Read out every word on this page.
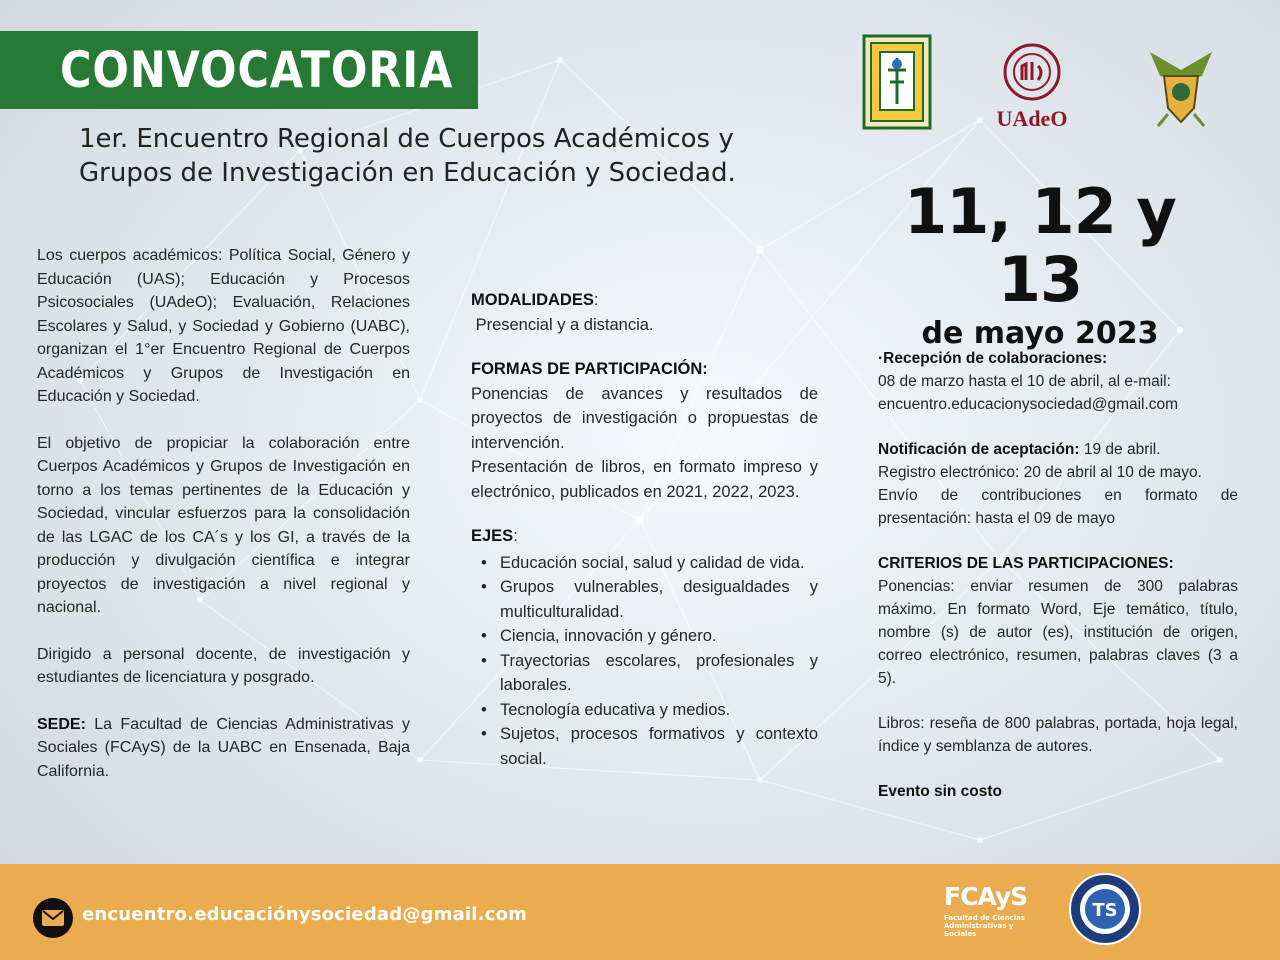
CONVOCATORIA
1er. Encuentro Regional de Cuerpos Académicos y
Grupos de Investigación en Educación y Sociedad.
UAdeO
11, 12 y 13
de mayo 2023

Los cuerpos académicos: Política Social, Género y Educación (UAS); Educación y Procesos Psicosociales (UAdeO); Evaluación, Relaciones Escolares y Salud, y Sociedad y Gobierno (UABC), organizan el 1°er Encuentro Regional de Cuerpos Académicos y Grupos de Investigación en Educación y Sociedad.

El objetivo de propiciar la colaboración entre Cuerpos Académicos y Grupos de Investigación en torno a los temas pertinentes de la Educación y Sociedad, vincular esfuerzos para la consolidación de las LGAC de los CA´s y los GI, a través de la producción y divulgación científica e integrar proyectos de investigación a nivel regional y nacional.

Dirigido a personal docente, de investigación y estudiantes de licenciatura y posgrado.

SEDE: La Facultad de Ciencias Administrativas y Sociales (FCAyS) de la UABC en Ensenada, Baja California.

MODALIDADES:
Presencial y a distancia.
FORMAS DE PARTICIPACIÓN:

Ponencias de avances y resultados de proyectos de investigación o propuestas de intervención.

Presentación de libros, en formato impreso y electrónico, publicados en 2021, 2022, 2023.

EJES:
• Educación social, salud y calidad de vida.
• Grupos vulnerables, desigualdades y multiculturalidad.
• Ciencia, innovación y género.
• Trayectorias escolares, profesionales y laborales.
• Tecnología educativa y medios.
• Sujetos, procesos formativos y contexto social.
·Recepción de colaboraciones:

08 de marzo hasta el 10 de abril, al e-mail:

encuentro.educacionysociedad@gmail.com
Notificación de aceptación: 19 de abril.

Registro electrónico: 20 de abril al 10 de mayo.

Envío de contribuciones en formato de presentación: hasta el 09 de mayo

CRITERIOS DE LAS PARTICIPACIONES:

Ponencias: enviar resumen de 300 palabras máximo. En formato Word, Eje temático, título, nombre (s) de autor (es), institución de origen, correo electrónico, resumen, palabras claves (3 a 5).

Libros: reseña de 800 palabras, portada, hoja legal, índice y semblanza de autores.

Evento sin costo
encuentro.educaciónysociedad@gmail.com
FCAyS
Facultad de Ciencias
Administrativas y
Sociales
TS
